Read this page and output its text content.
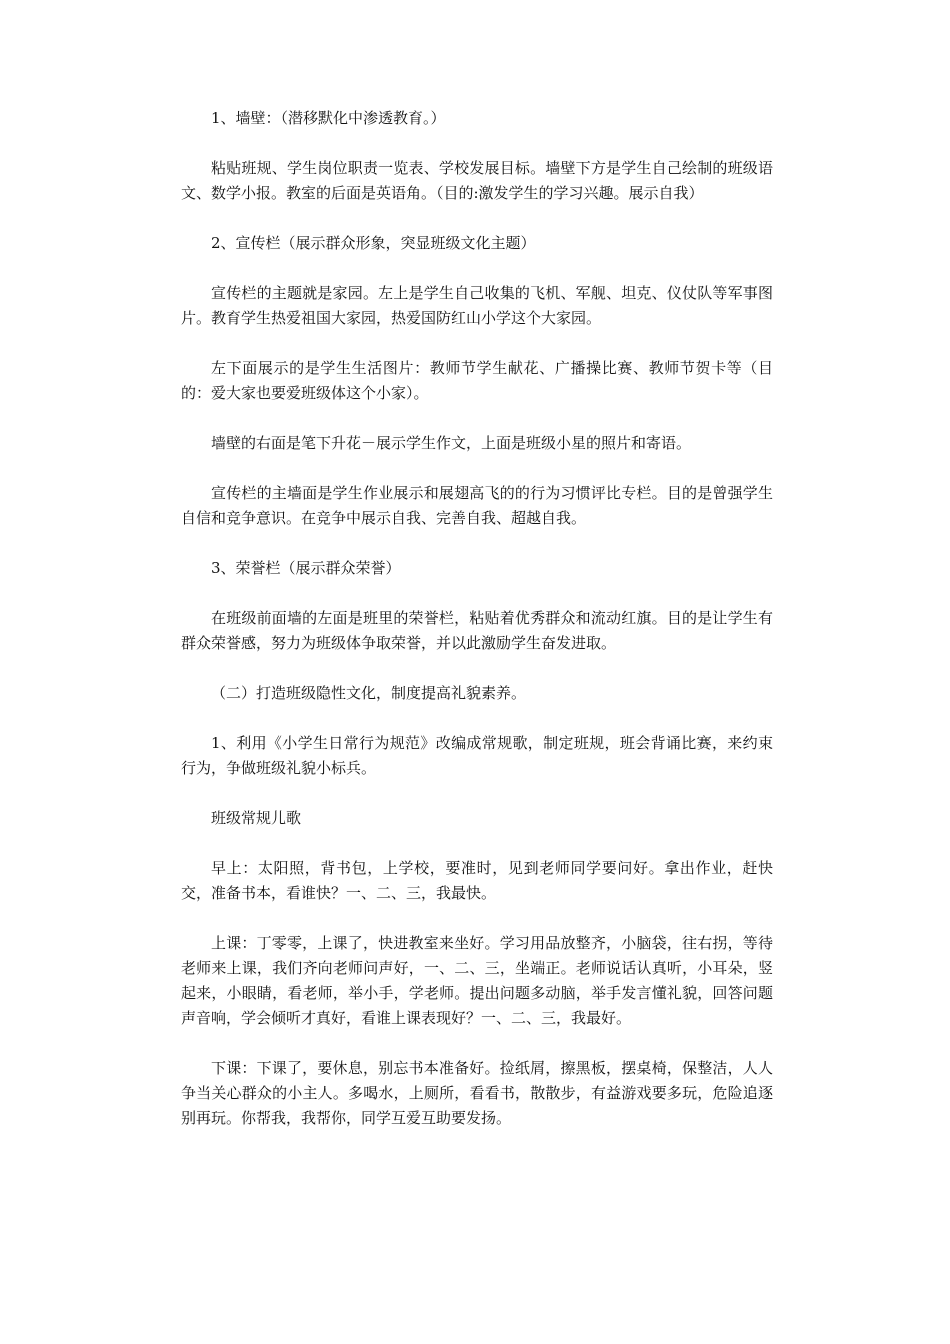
1、墙壁：（潜移默化中渗透教育。）

粘贴班规、学生岗位职责一览表、学校发展目标。墙壁下方是学生自己绘制的班级语文、数学小报。教室的后面是英语角。（目的:激发学生的学习兴趣。展示自我）

2、宣传栏（展示群众形象，突显班级文化主题）

宣传栏的主题就是家园。左上是学生自己收集的飞机、军舰、坦克、仪仗队等军事图片。教育学生热爱祖国大家园，热爱国防红山小学这个大家园。

左下面展示的是学生生活图片：教师节学生献花、广播操比赛、教师节贺卡等（目的：爱大家也要爱班级体这个小家）。

墙壁的右面是笔下升花－展示学生作文，上面是班级小星的照片和寄语。

宣传栏的主墙面是学生作业展示和展翅高飞的的行为习惯评比专栏。目的是曾强学生自信和竞争意识。在竞争中展示自我、完善自我、超越自我。

3、荣誉栏（展示群众荣誉）

在班级前面墙的左面是班里的荣誉栏，粘贴着优秀群众和流动红旗。目的是让学生有群众荣誉感，努力为班级体争取荣誉，并以此激励学生奋发进取。

（二）打造班级隐性文化，制度提高礼貌素养。

1、利用《小学生日常行为规范》改编成常规歌，制定班规，班会背诵比赛，来约束行为，争做班级礼貌小标兵。

班级常规儿歌

早上：太阳照，背书包，上学校，要准时，见到老师同学要问好。拿出作业，赶快交，准备书本，看谁快？一、二、三，我最快。

上课：丁零零，上课了，快进教室来坐好。学习用品放整齐，小脑袋，往右拐，等待老师来上课，我们齐向老师问声好，一、二、三，坐端正。老师说话认真听，小耳朵，竖起来，小眼睛，看老师，举小手，学老师。提出问题多动脑，举手发言懂礼貌，回答问题声音响，学会倾听才真好，看谁上课表现好？一、二、三，我最好。

下课：下课了，要休息，别忘书本准备好。捡纸屑，擦黑板，摆桌椅，保整洁，人人争当关心群众的小主人。多喝水，上厕所，看看书，散散步，有益游戏要多玩，危险追逐别再玩。你帮我，我帮你，同学互爱互助要发扬。
